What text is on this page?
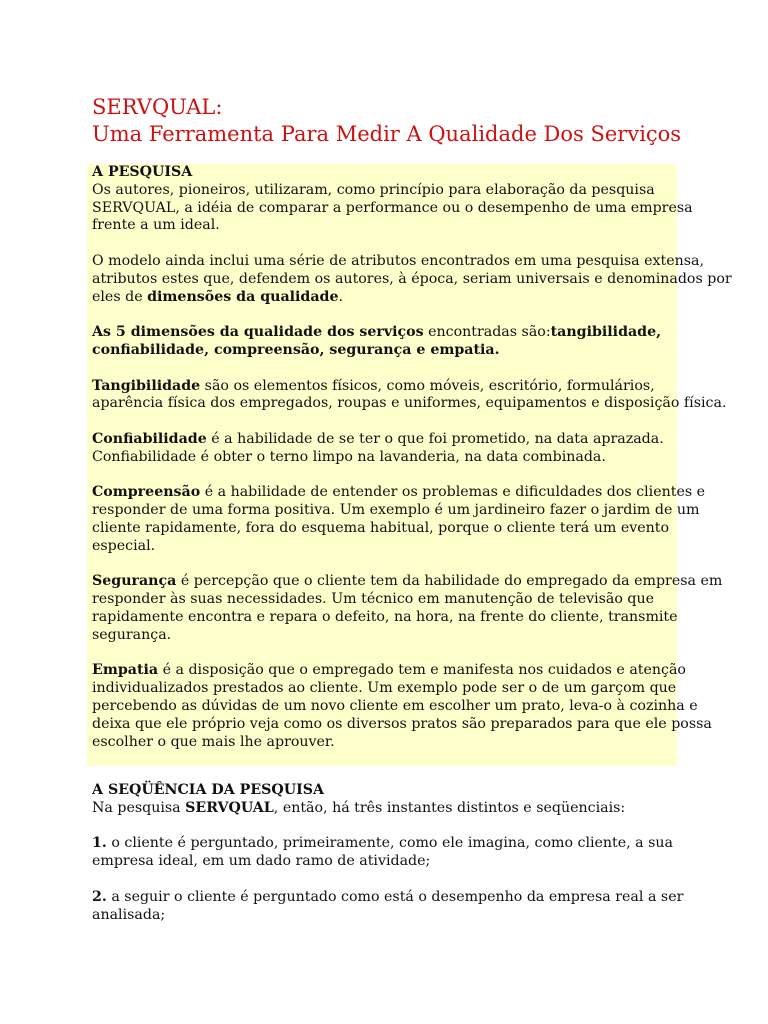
SERVQUAL:
Uma Ferramenta Para Medir A Qualidade Dos Serviços
A PESQUISA
Os autores, pioneiros, utilizaram, como princípio para elaboração da pesquisa
SERVQUAL, a idéia de comparar a performance ou o desempenho de uma empresa
frente a um ideal.
O modelo ainda inclui uma série de atributos encontrados em uma pesquisa extensa,
atributos estes que, defendem os autores, à época, seriam universais e denominados por
eles de dimensões da qualidade.
As 5 dimensões da qualidade dos serviços encontradas são:tangibilidade,
confiabilidade, compreensão, segurança e empatia.
Tangibilidade são os elementos físicos, como móveis, escritório, formulários,
aparência física dos empregados, roupas e uniformes, equipamentos e disposição física.
Confiabilidade é a habilidade de se ter o que foi prometido, na data aprazada.
Confiabilidade é obter o terno limpo na lavanderia, na data combinada.
Compreensão é a habilidade de entender os problemas e dificuldades dos clientes e
responder de uma forma positiva. Um exemplo é um jardineiro fazer o jardim de um
cliente rapidamente, fora do esquema habitual, porque o cliente terá um evento
especial.
Segurança é percepção que o cliente tem da habilidade do empregado da empresa em
responder às suas necessidades. Um técnico em manutenção de televisão que
rapidamente encontra e repara o defeito, na hora, na frente do cliente, transmite
segurança.
Empatia é a disposição que o empregado tem e manifesta nos cuidados e atenção
individualizados prestados ao cliente. Um exemplo pode ser o de um garçom que
percebendo as dúvidas de um novo cliente em escolher um prato, leva-o à cozinha e
deixa que ele próprio veja como os diversos pratos são preparados para que ele possa
escolher o que mais lhe aprouver.
A SEQÜÊNCIA DA PESQUISA
Na pesquisa SERVQUAL, então, há três instantes distintos e seqüenciais:
1. o cliente é perguntado, primeiramente, como ele imagina, como cliente, a sua
empresa ideal, em um dado ramo de atividade;
2. a seguir o cliente é perguntado como está o desempenho da empresa real a ser
analisada;
